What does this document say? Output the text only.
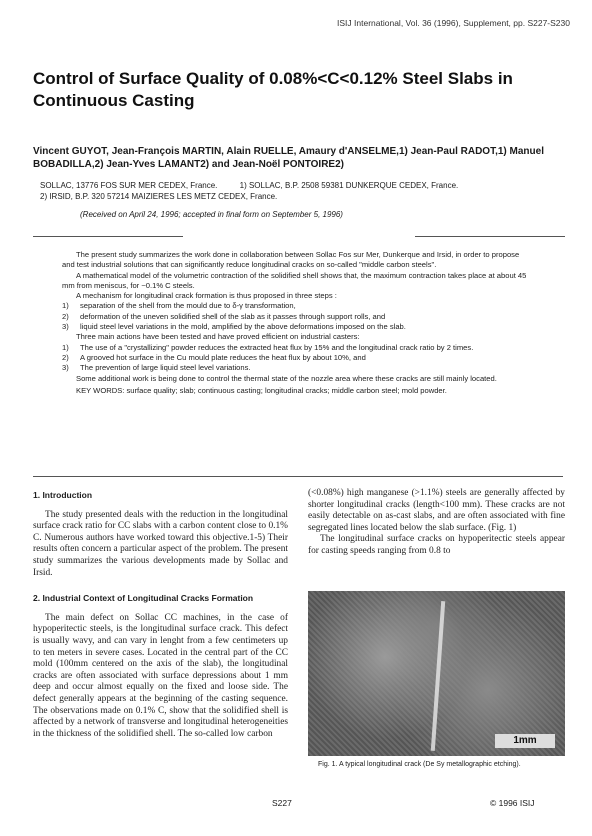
ISIJ International, Vol. 36 (1996), Supplement, pp. S227-S230
Control of Surface Quality of 0.08%<C<0.12% Steel Slabs in Continuous Casting
Vincent GUYOT, Jean-François MARTIN, Alain RUELLE, Amaury d'ANSELME,1) Jean-Paul RADOT,1) Manuel BOBADILLA,2) Jean-Yves LAMANT2) and Jean-Noël PONTOIRE2)
SOLLAC, 13776 FOS SUR MER CEDEX, France.          1) SOLLAC, B.P. 2508 59381 DUNKERQUE CEDEX, France.
2) IRSID, B.P. 320 57214 MAIZIERES LES METZ CEDEX, France.
(Received on April 24, 1996; accepted in final form on September 5, 1996)

The present study summarizes the work done in collaboration between Sollac Fos sur Mer, Dunkerque and Irsid, in order to propose and test industrial solutions that can significantly reduce longitudinal cracks on so-called "middle carbon steels".

A mathematical model of the volumetric contraction of the solidified shell shows that, the maximum contraction takes place at about 45 mm from meniscus, for ~0.1% C steels.

A mechanism for longitudinal crack formation is thus proposed in three steps :

1)	separation of the shell from the mould due to δ-γ transformation,
2)	deformation of the uneven solidified shell of the slab as it passes through support rolls, and
3)	liquid steel level variations in the mold, amplified by the above deformations imposed on the slab.

Three main actions have been tested and have proved efficient on industrial casters:

1)	The use of a "crystallizing" powder reduces the extracted heat flux by 15% and the longitudinal crack ratio by 2 times.
2)	A grooved hot surface in the Cu mould plate reduces the heat flux by about 10%, and
3)	The prevention of large liquid steel level variations.

Some additional work is being done to control the thermal state of the nozzle area where these cracks are still mainly located.

KEY WORDS: surface quality; slab; continuous casting; longitudinal cracks; middle carbon steel; mold powder.

1. Introduction

The study presented deals with the reduction in the longitudinal surface crack ratio for CC slabs with a carbon content close to 0.1% C. Numerous authors have worked toward this objective.1-5) Their results often concern a particular aspect of the problem. The present study summarizes the various developments made by Sollac and Irsid.

2. Industrial Context of Longitudinal Cracks Formation

The main defect on Sollac CC machines, in the case of hypoperitectic steels, is the longitudinal surface crack. This defect is usually wavy, and can vary in lenght from a few centimeters up to ten meters in severe cases. Located in the central part of the CC mold (100mm centered on the axis of the slab), the longitudinal cracks are often associated with surface depressions about 1 mm deep and occur almost equally on the fixed and loose side. The defect generally appears at the beginning of the casting sequence. The observations made on 0.1% C, show that the solidified shell is affected by a network of transverse and longitudinal heterogeneities in the thickness of the solidified shell. The so-called low carbon

(<0.08%) high manganese (>1.1%) steels are generally affected by shorter longitudinal cracks (length<100 mm). These cracks are not easily detectable on as-cast slabs, and are often associated with fine segregated lines located below the slab surface. (Fig. 1)

The longitudinal surface cracks on hypoperitectic steels appear for casting speeds ranging from 0.8 to

1mm
Fig. 1. A typical longitudinal crack (De Sy metallographic etching).
S227	© 1996 ISIJ
